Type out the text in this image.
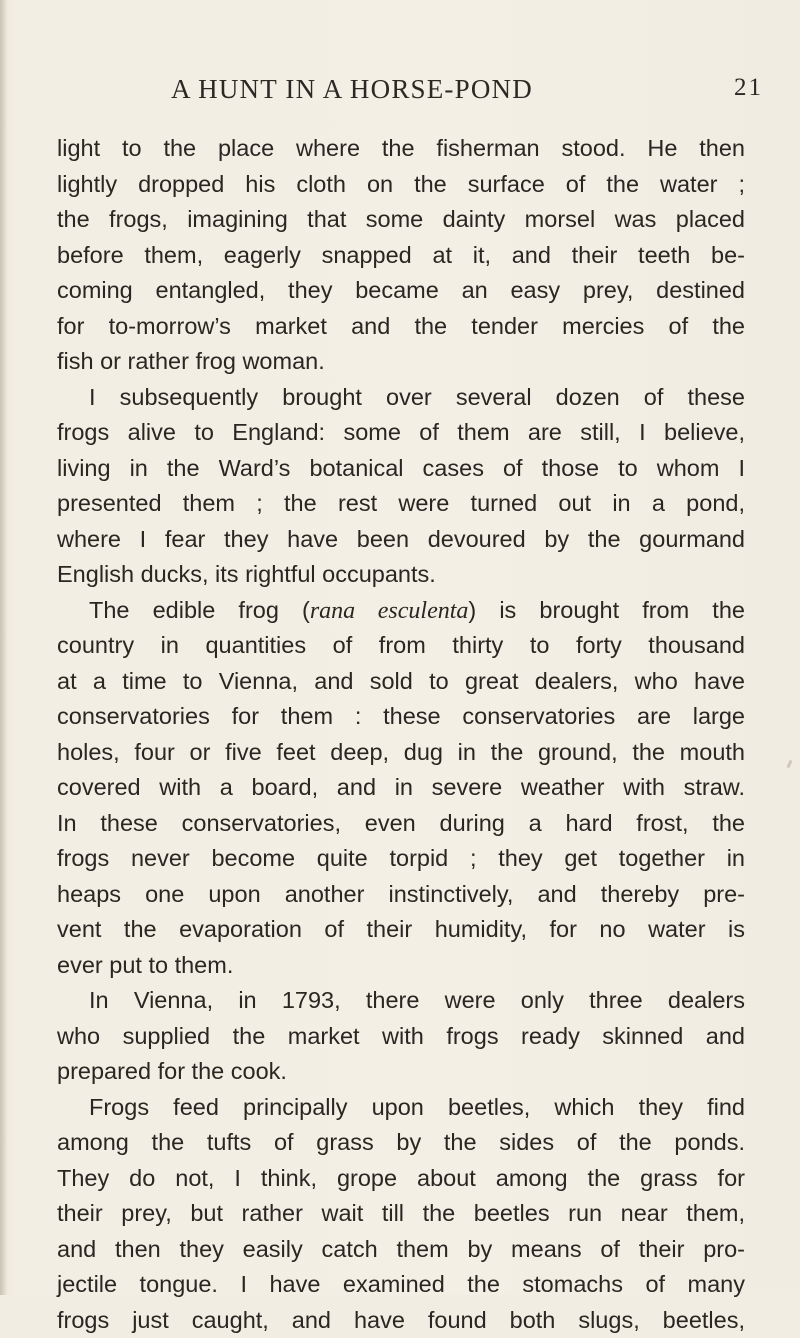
A HUNT IN A HORSE-POND	21
light to the place where the fisherman stood. He then
lightly dropped his cloth on the surface of the water ;
the frogs, imagining that some dainty morsel was placed
before them, eagerly snapped at it, and their teeth be-
coming entangled, they became an easy prey, destined
for to-morrow’s market and the tender mercies of the
fish or rather frog woman.
I subsequently brought over several dozen of these
frogs alive to England: some of them are still, I believe,
living in the Ward’s botanical cases of those to whom I
presented them ; the rest were turned out in a pond,
where I fear they have been devoured by the gourmand
English ducks, its rightful occupants.
The edible frog (rana esculenta) is brought from the
country in quantities of from thirty to forty thousand
at a time to Vienna, and sold to great dealers, who have
conservatories for them : these conservatories are large
holes, four or five feet deep, dug in the ground, the mouth
covered with a board, and in severe weather with straw.
In these conservatories, even during a hard frost, the
frogs never become quite torpid ; they get together in
heaps one upon another instinctively, and thereby pre-
vent the evaporation of their humidity, for no water is
ever put to them.
In Vienna, in 1793, there were only three dealers
who supplied the market with frogs ready skinned and
prepared for the cook.
Frogs feed principally upon beetles, which they find
among the tufts of grass by the sides of the ponds.
They do not, I think, grope about among the grass for
their prey, but rather wait till the beetles run near them,
and then they easily catch them by means of their pro-
jectile tongue. I have examined the stomachs of many
frogs just caught, and have found both slugs, beetles,
